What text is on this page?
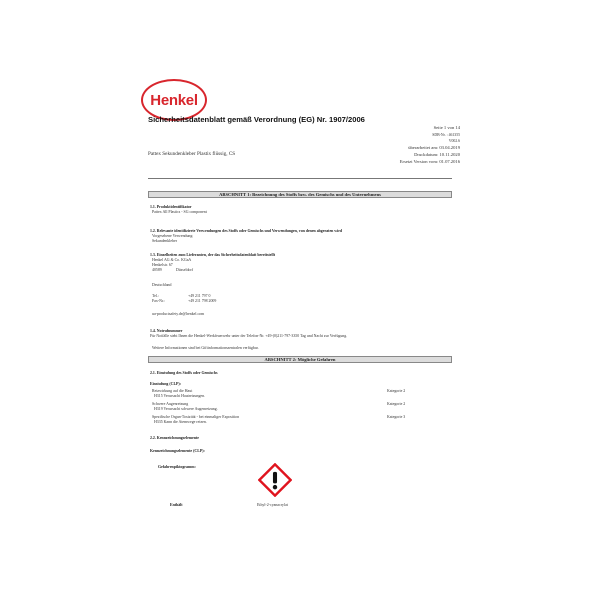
Henkel
Sicherheitsdatenblatt gemäß Verordnung (EG) Nr. 1907/2006
Seite 1 von 14
SDB-Nr. : 461355
V002.6
überarbeitet am: 03.04.2019
Druckdatum: 10.11.2020
Ersetzt Version vom: 01.07.2016
Pattex Sekundenkleber Plastix flüssig, CS
ABSCHNITT 1: Bezeichnung des Stoffs bzw. des Gemischs und des Unternehmens
1.1. Produktidentifikator
Pattex All Plastics - SG component
1.2. Relevante identifizierte Verwendungen des Stoffs oder Gemischs und Verwendungen, von denen abgeraten wird
Vorgesehene Verwendung:
Sekundenkleber
1.3. Einzelheiten zum Lieferanten, der das Sicherheitsdatenblatt bereitstellt
Henkel AG & Co. KGaA
Henkelstr. 67
40589	Düsseldorf
Deutschland
Tel.:	+49 211 797 0
Fax-Nr.:	+49 211 798 2009
ua-productsafety.de@henkel.com
1.4. Notrufnummer
Für Notfälle steht Ihnen die Henkel-Werkfeuerwehr unter der Telefon-Nr. +49-(0)211-797-3350 Tag und Nacht zur Verfügung.
Weitere Informationen sind bei Giftinformationszentralen verfügbar.
ABSCHNITT 2: Mögliche Gefahren
2.1. Einstufung des Stoffs oder Gemischs
Einstufung (CLP):
Reizwirkung auf die Haut	Kategorie 2
H315 Verursacht Hautreizungen.
Schwere Augenreizung	Kategorie 2
H319 Verursacht schwere Augenreizung.
Spezifische Organ-Toxizität - bei einmaliger Exposition	Kategorie 3
H335 Kann die Atemwege reizen.
2.2. Kennzeichnungselemente
Kennzeichnungselemente (CLP):
Gefahrenpiktogramm:
Enthält	Ethyl-2-cyanacrylat
